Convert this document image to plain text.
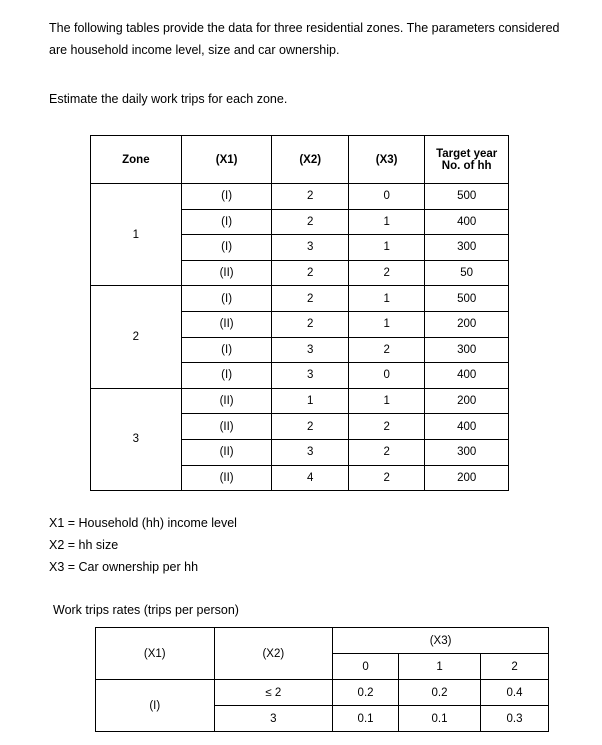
The following tables provide the data for three residential zones. The parameters considered are household income level, size and car ownership.
Estimate the daily work trips for each zone.
Zone	(X1)	(X2)	(X3)	Target year No. of hh
1	(I)	2	0	500
	(I)	2	1	400
	(I)	3	1	300
	(II)	2	2	50
2	(I)	2	1	500
	(II)	2	1	200
	(I)	3	2	300
	(I)	3	0	400
3	(II)	1	1	200
	(II)	2	2	400
	(II)	3	2	300
	(II)	4	2	200
X1 = Household (hh) income level
X2 = hh size
X3 = Car ownership per hh
Work trips rates (trips per person)
(X1)	(X2)	(X3)		
		0	1	2
(I)	≤ 2	0.2	0.2	0.4
	3	0.1	0.1	0.3
